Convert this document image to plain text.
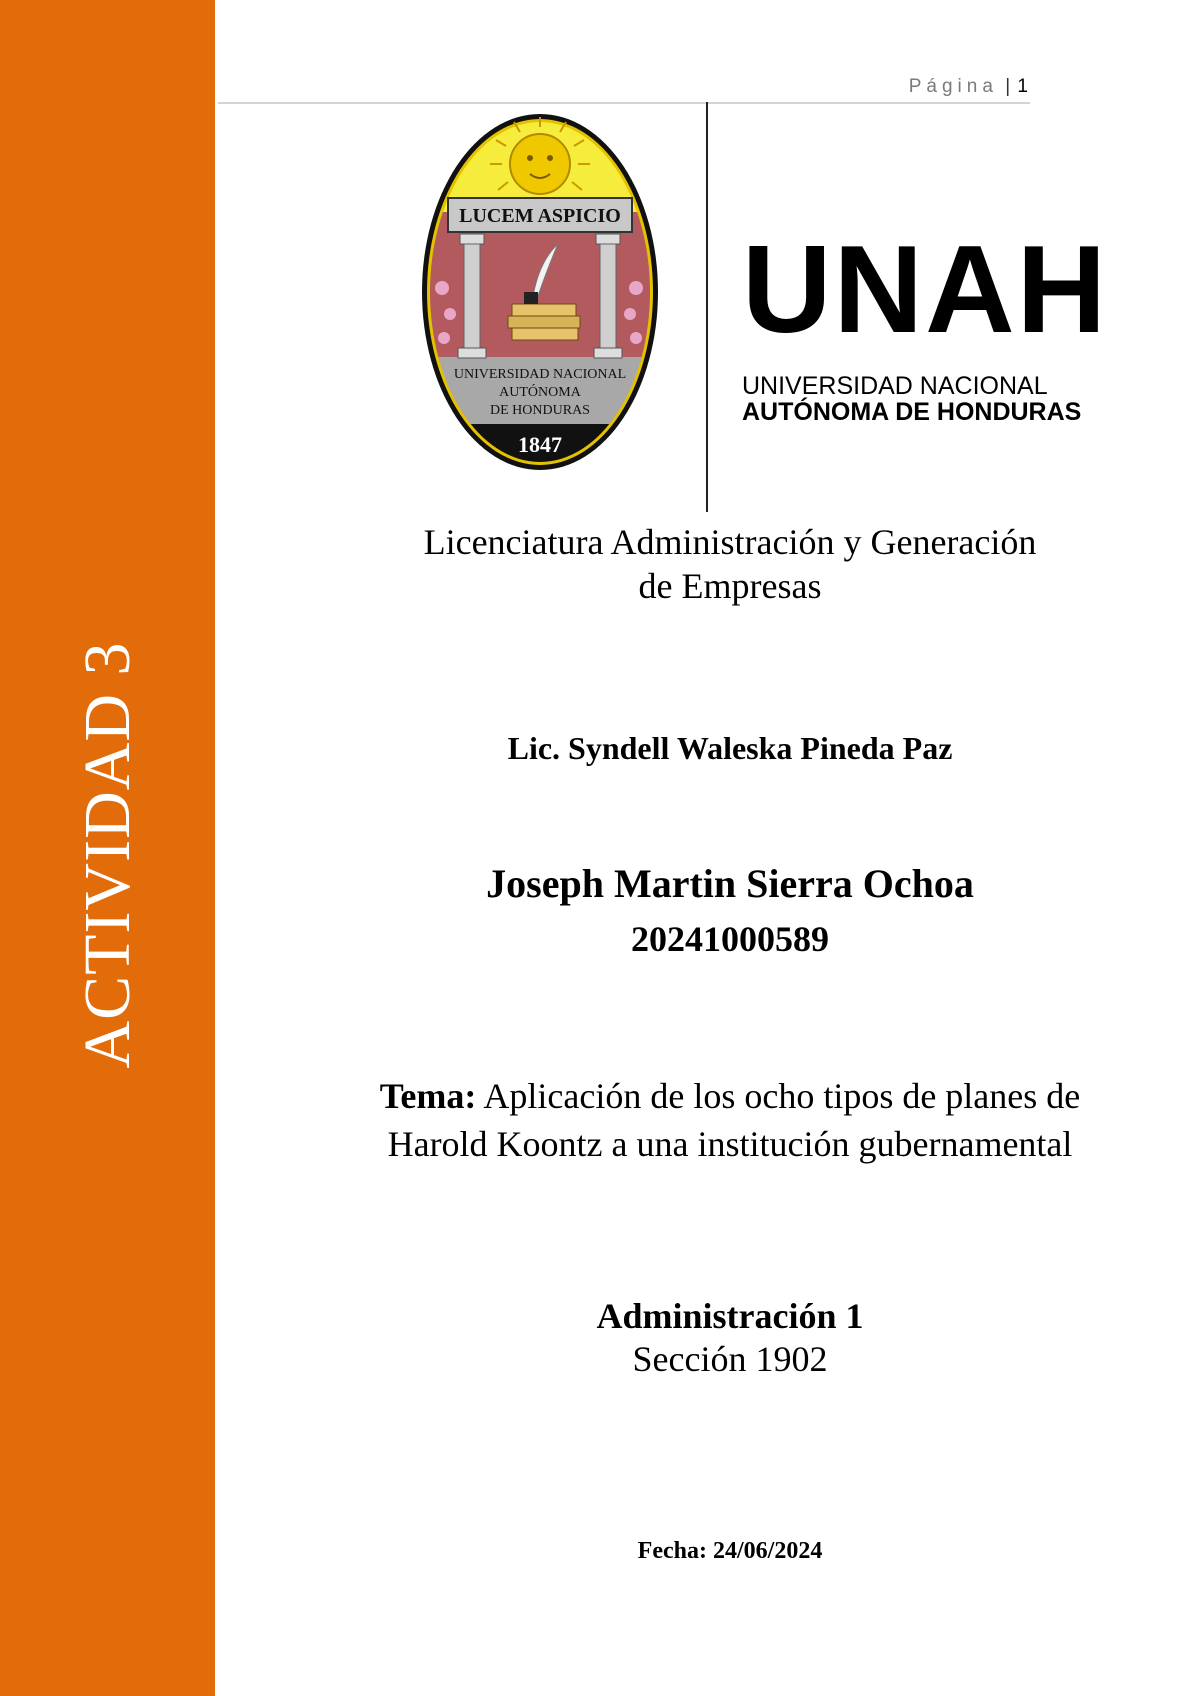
ACTIVIDAD 3
Página | 1
LUCEM ASPICIO
UNIVERSIDAD NACIONAL
AUTÓNOMA
DE HONDURAS
1847
UNAH
UNIVERSIDAD NACIONAL
AUTÓNOMA DE HONDURAS
Licenciatura Administración y Generación
de Empresas
Lic. Syndell Waleska Pineda Paz
Joseph Martin Sierra Ochoa
20241000589
Tema: Aplicación de los ocho tipos de planes de
Harold Koontz a una institución gubernamental
Administración 1
Sección 1902
Fecha: 24/06/2024
